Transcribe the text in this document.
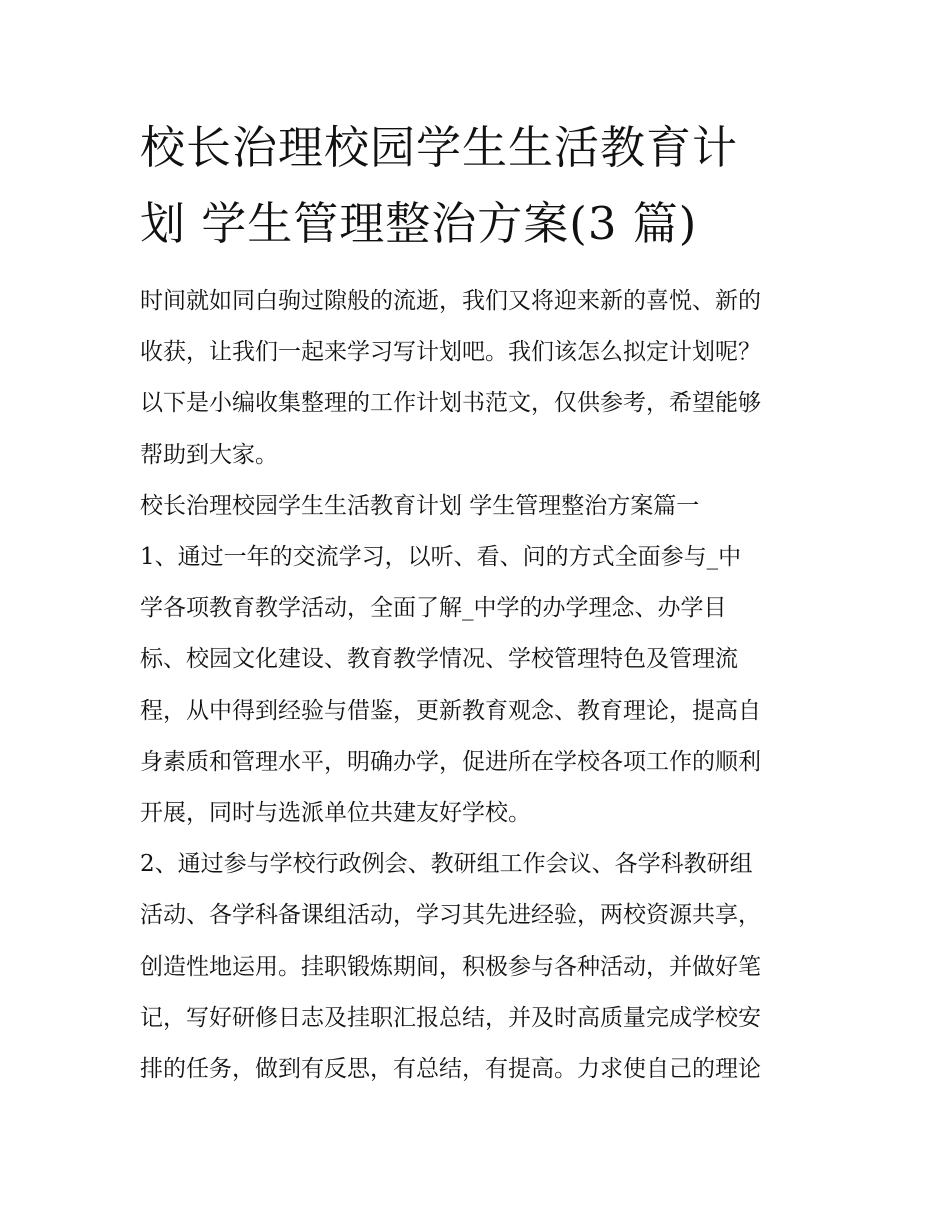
校长治理校园学生生活教育计
划 学生管理整治方案(3 篇)

时间就如同白驹过隙般的流逝，我们又将迎来新的喜悦、新的
收获，让我们一起来学习写计划吧。我们该怎么拟定计划呢？
以下是小编收集整理的工作计划书范文，仅供参考，希望能够
帮助到大家。

校长治理校园学生生活教育计划 学生管理整治方案篇一

1、通过一年的交流学习，以听、看、问的方式全面参与_中
学各项教育教学活动，全面了解_中学的办学理念、办学目
标、校园文化建设、教育教学情况、学校管理特色及管理流
程，从中得到经验与借鉴，更新教育观念、教育理论，提高自
身素质和管理水平，明确办学，促进所在学校各项工作的顺利
开展，同时与选派单位共建友好学校。

2、通过参与学校行政例会、教研组工作会议、各学科教研组
活动、各学科备课组活动，学习其先进经验，两校资源共享，
创造性地运用。挂职锻炼期间，积极参与各种活动，并做好笔
记，写好研修日志及挂职汇报总结，并及时高质量完成学校安
排的任务，做到有反思，有总结，有提高。力求使自己的理论
